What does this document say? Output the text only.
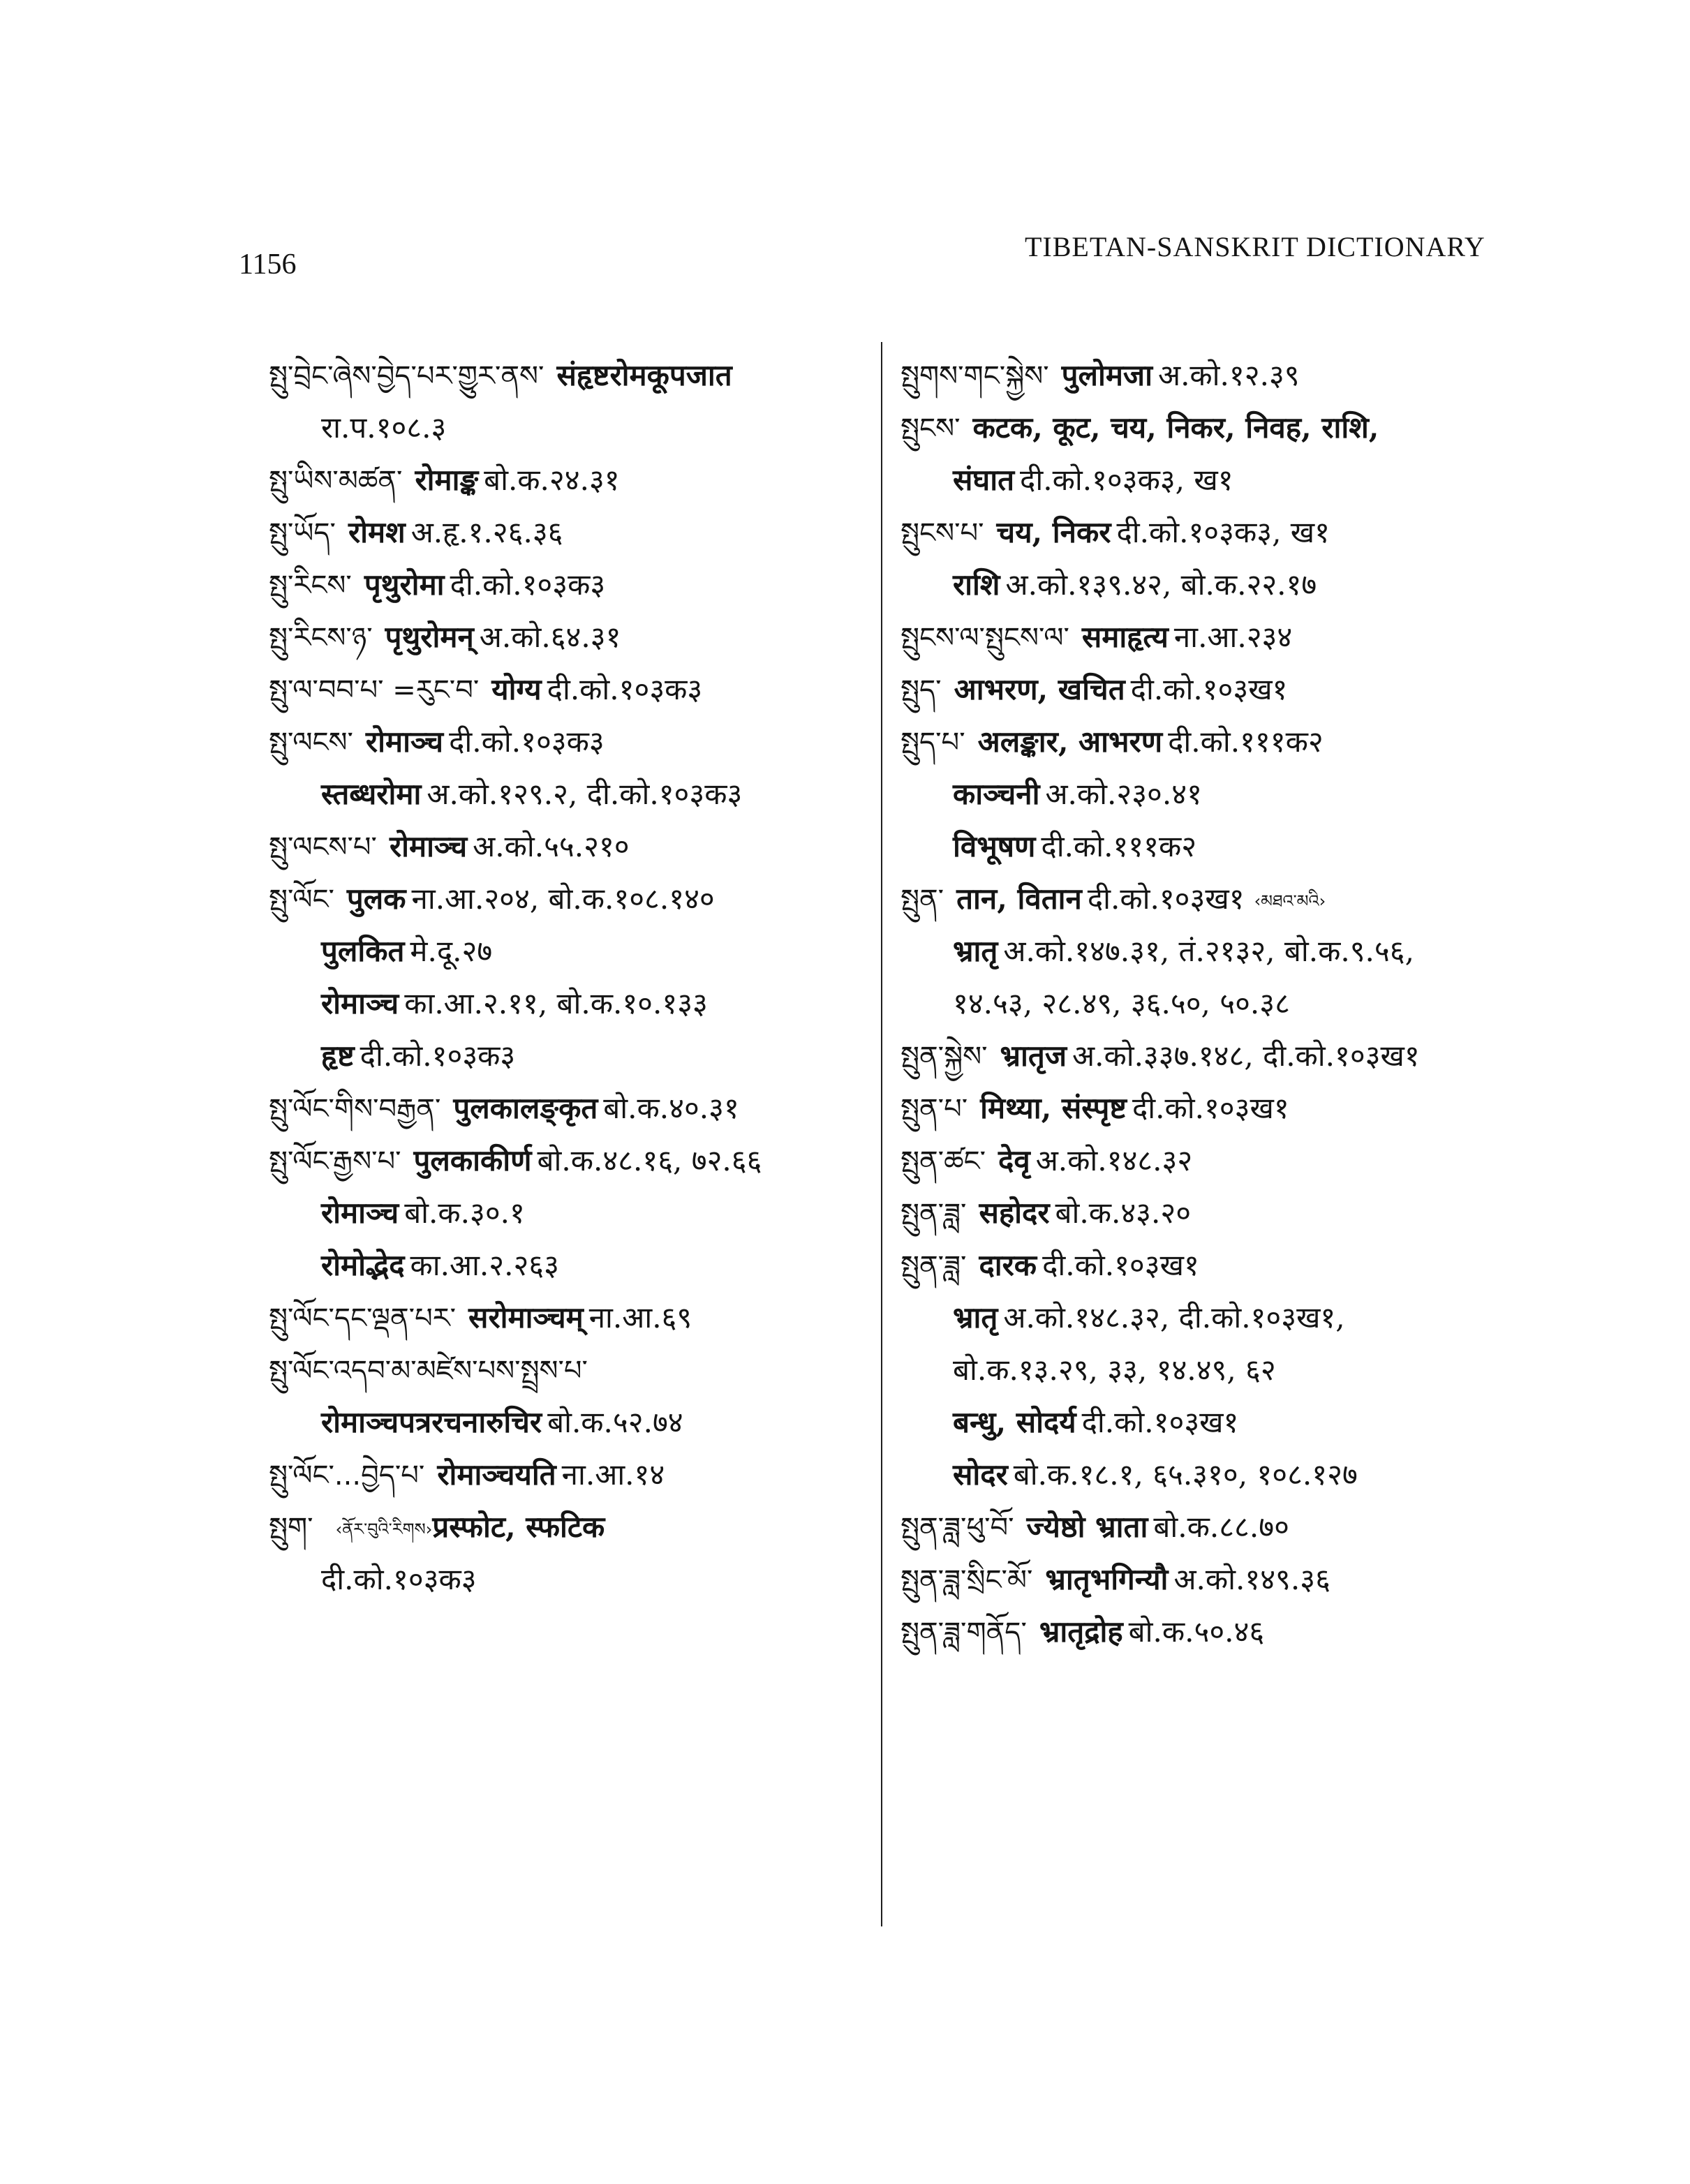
1156
TIBETAN-SANSKRIT DICTIONARY
སྤུ་བྲེང་ཞེས་བྱེད་པར་གྱུར་ནས་ संहृष्टरोमकूपजात
रा.प.१०८.३
སྤུ་ཡིས་མཚན་ रोमाङ्क बो.क.२४.३१
སྤུ་ཡོད་ रोमश अ.हृ.१.२६.३६
སྤུ་རིངས་ पृथुरोमा दी.को.१०३क३
སྤུ་རིངས་ཉ་ पृथुरोमन् अ.को.६४.३१
སྤུ་ལ་བབ་པ་ =རུང་བ་ योग्य दी.को.१०३क३
སྤུ་ལངས་ रोमाञ्च दी.को.१०३क३
स्तब्धरोमा अ.को.१२९.२, दी.को.१०३क३
སྤུ་ལངས་པ་ रोमाञ्च अ.को.५५.२१०
སྤུ་ལོང་ पुलक ना.आ.२०४, बो.क.१०८.१४०
पुलकित मे.दू.२७
रोमाञ्च का.आ.२.११, बो.क.१०.१३३
हृष्ट दी.को.१०३क३
སྤུ་ལོང་གིས་བརྒྱན་ पुलकालङ्कृत बो.क.४०.३१
སྤུ་ལོང་རྒྱས་པ་ पुलकाकीर्ण बो.क.४८.१६, ७२.६६
रोमाञ्च बो.क.३०.१
रोमोद्भेद का.आ.२.२६३
སྤུ་ལོང་དང་ལྡན་པར་ सरोमाञ्चम् ना.आ.६९
སྤུ་ལོང་འདབ་མ་མཛེས་པས་སྤྲས་པ་
रोमाञ्चपत्ररचनारुचिर बो.क.५२.७४
སྤུ་ལོང་...བྱེད་པ་ रोमाञ्चयति ना.आ.१४
སྤུག་ ‹ནོར་བུའི་རིགས›प्रस्फोट, स्फटिक
दी.को.१०३क३
སྤུགས་གང་སྐྱེས་ पुलोमजा अ.को.१२.३९
སྤུངས་ कटक, कूट, चय, निकर, निवह, राशि,
संघात दी.को.१०३क३, ख१
སྤུངས་པ་ चय, निकर दी.को.१०३क३, ख१
राशि अ.को.१३९.४२, बो.क.२२.१७
སྤུངས་ལ་སྤུངས་ལ་ समाहृत्य ना.आ.२३४
སྤུད་ आभरण, खचित दी.को.१०३ख१
སྤུད་པ་ अलङ्कार, आभरण दी.को.१११क२
काञ्चनी अ.को.२३०.४१
विभूषण दी.को.१११क२
སྤུན་ तान, वितान दी.को.१०३ख१ ‹མཐའ་མའི›
भ्रातृ अ.को.१४७.३१, तं.२१३२, बो.क.९.५६,
१४.५३, २८.४९, ३६.५०, ५०.३८
སྤུན་སྐྱེས་ भ्रातृज अ.को.३३७.१४८, दी.को.१०३ख१
སྤུན་པ་ मिथ्या, संस्पृष्ट दी.को.१०३ख१
སྤུན་ཚང་ देवृ अ.को.१४८.३२
སྤུན་ཟླ་ सहोदर बो.क.४३.२०
སྤུན་ཟླ་ दारक दी.को.१०३ख१
भ्रातृ अ.को.१४८.३२, दी.को.१०३ख१,
बो.क.१३.२९, ३३, १४.४९, ६२
बन्धु, सोदर्य दी.को.१०३ख१
सोदर बो.क.१८.१, ६५.३१०, १०८.१२७
སྤུན་ཟླ་ཕུ་བོ་ ज्येष्ठो भ्राता बो.क.८८.७०
སྤུན་ཟླ་སྲིང་མོ་ भ्रातृभगिन्यौ अ.को.१४९.३६
སྤུན་ཟླ་གནོད་ भ्रातृद्रोह बो.क.५०.४६
